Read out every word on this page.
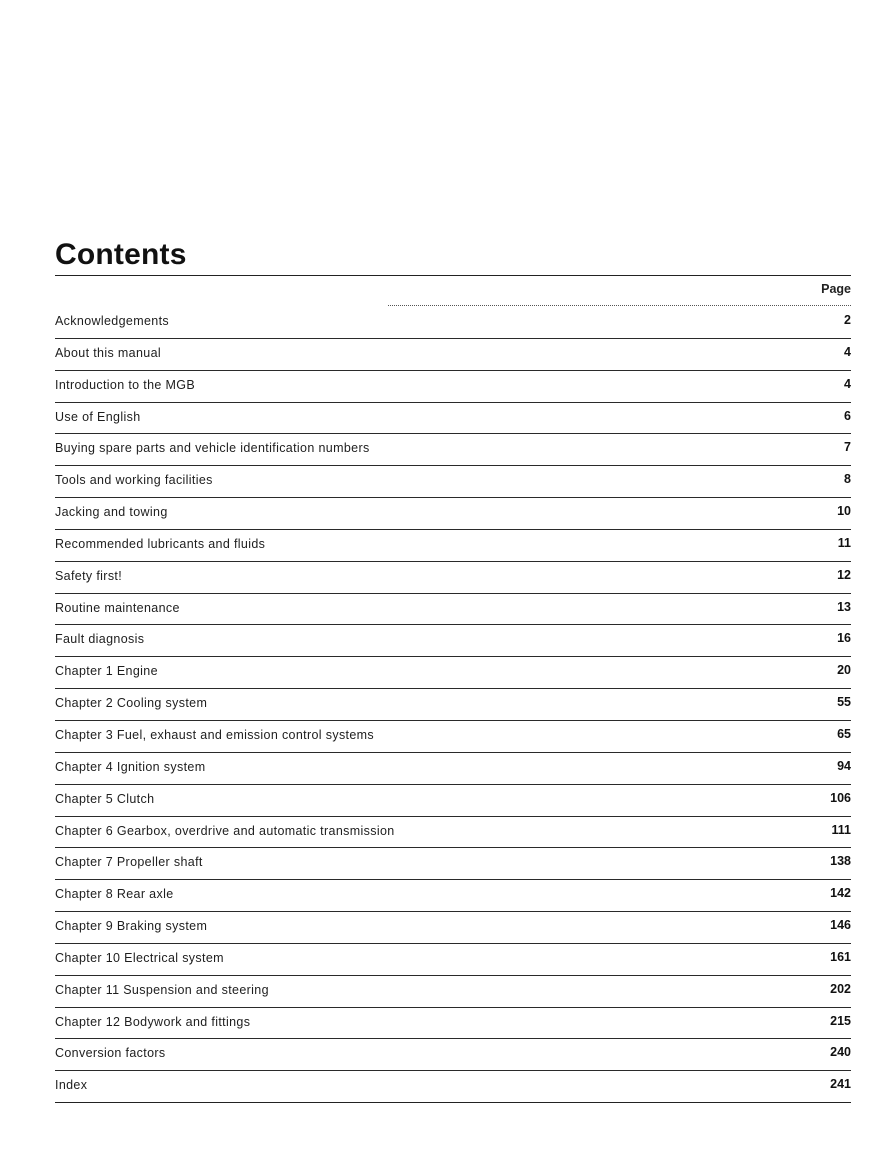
Contents
Page
Acknowledgements	2
About this manual	4
Introduction to the MGB	4
Use of English	6
Buying spare parts and vehicle identification numbers	7
Tools and working facilities	8
Jacking and towing	10
Recommended lubricants and fluids	11
Safety first!	12
Routine maintenance	13
Fault diagnosis	16
Chapter 1 Engine	20
Chapter 2 Cooling system	55
Chapter 3 Fuel, exhaust and emission control systems	65
Chapter 4 Ignition system	94
Chapter 5 Clutch	106
Chapter 6 Gearbox, overdrive and automatic transmission	111
Chapter 7 Propeller shaft	138
Chapter 8 Rear axle	142
Chapter 9 Braking system	146
Chapter 10 Electrical system	161
Chapter 11 Suspension and steering	202
Chapter 12 Bodywork and fittings	215
Conversion factors	240
Index	241
